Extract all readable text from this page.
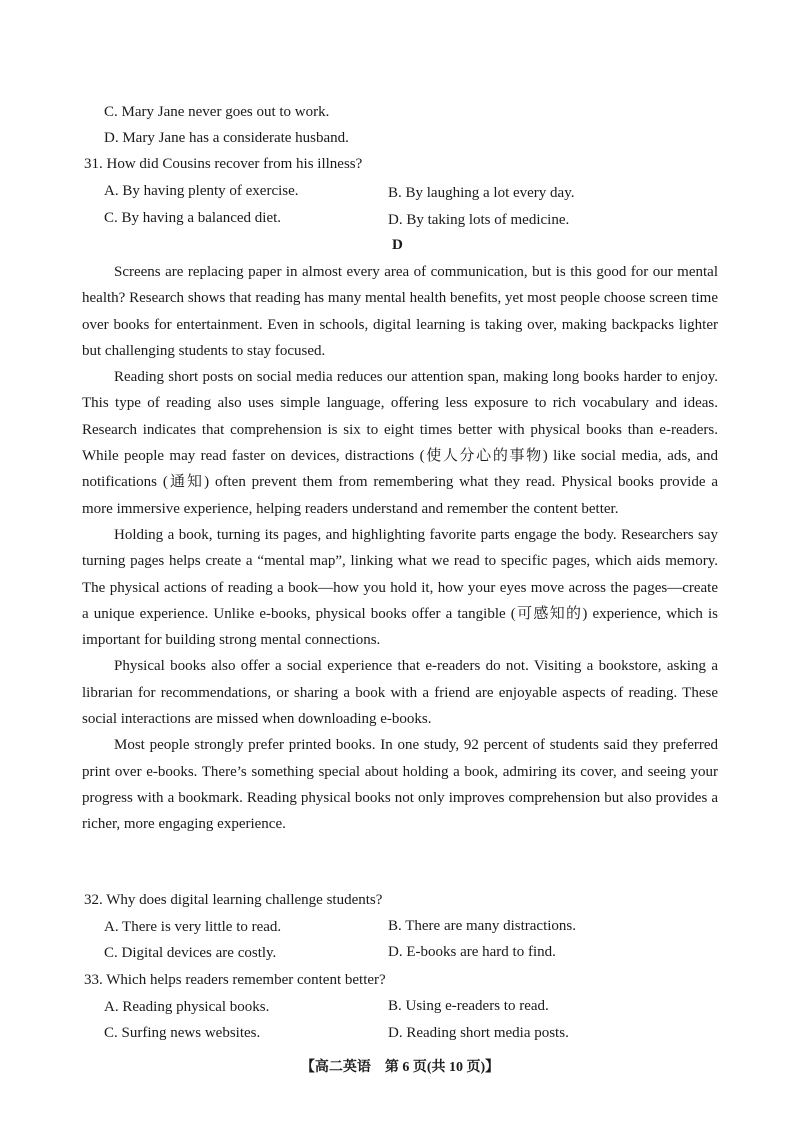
C. Mary Jane never goes out to work.
D. Mary Jane has a considerate husband.
31. How did Cousins recover from his illness?
A. By having plenty of exercise.	B. By laughing a lot every day.
C. By having a balanced diet.	D. By taking lots of medicine.
D

Screens are replacing paper in almost every area of communication, but is this good for our mental health? Research shows that reading has many mental health benefits, yet most people choose screen time over books for entertainment. Even in schools, digital learning is taking over, making backpacks lighter but challenging students to stay focused.

Reading short posts on social media reduces our attention span, making long books harder to enjoy. This type of reading also uses simple language, offering less exposure to rich vocabulary and ideas. Research indicates that comprehension is six to eight times better with physical books than e-readers. While people may read faster on devices, distractions (使人分心的事物) like social media, ads, and notifications (通知) often prevent them from remembering what they read. Physical books provide a more immersive experience, helping readers understand and remember the content better.

Holding a book, turning its pages, and highlighting favorite parts engage the body. Researchers say turning pages helps create a “mental map”, linking what we read to specific pages, which aids memory. The physical actions of reading a book—how you hold it, how your eyes move across the pages—create a unique experience. Unlike e-books, physical books offer a tangible (可感知的) experience, which is important for building strong mental connections.

Physical books also offer a social experience that e-readers do not. Visiting a bookstore, asking a librarian for recommendations, or sharing a book with a friend are enjoyable aspects of reading. These social interactions are missed when downloading e-books.

Most people strongly prefer printed books. In one study, 92 percent of students said they preferred print over e-books. There’s something special about holding a book, admiring its cover, and seeing your progress with a bookmark. Reading physical books not only improves comprehension but also provides a richer, more engaging experience.

32. Why does digital learning challenge students?
A. There is very little to read.	B. There are many distractions.
C. Digital devices are costly.	D. E-books are hard to find.
33. Which helps readers remember content better?
A. Reading physical books.	B. Using e-readers to read.
C. Surfing news websites.	D. Reading short media posts.
【高二英语　第 6 页(共 10 页)】
